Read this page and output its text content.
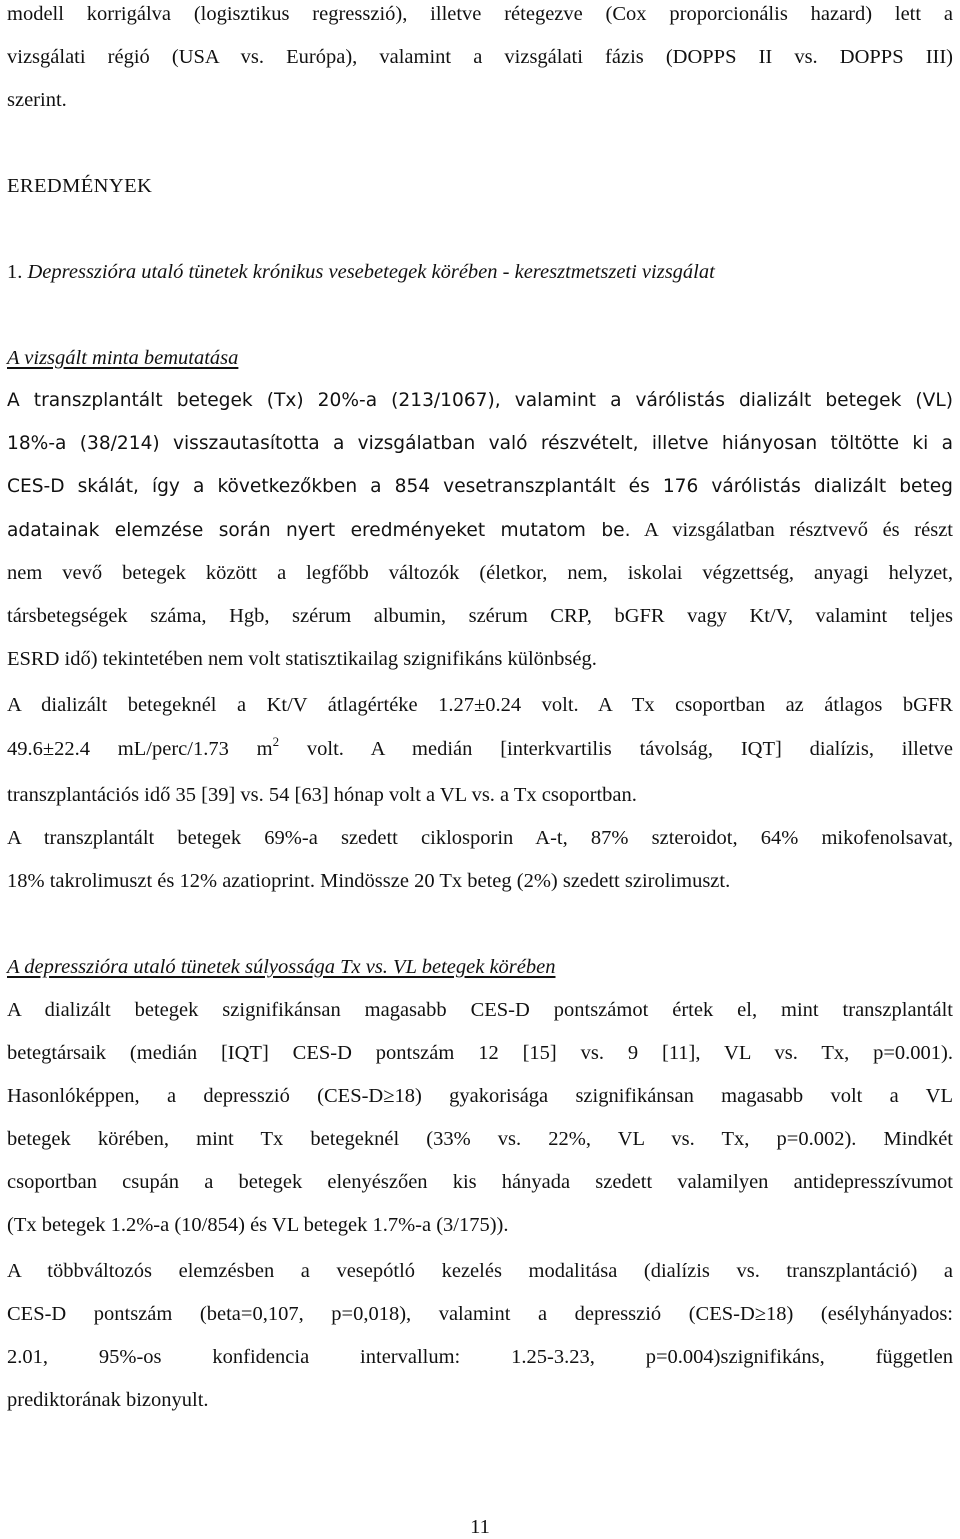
modell korrigálva (logisztikus regresszió), illetve rétegezve (Cox proporcionális hazard) lett a
vizsgálati régió (USA vs. Európa), valamint a vizsgálati fázis (DOPPS II vs. DOPPS III)
szerint.
EREDMÉNYEK
1. Depresszióra utaló tünetek krónikus vesebetegek körében - keresztmetszeti vizsgálat
A vizsgált minta bemutatása
A transzplantált betegek (Tx) 20%-a (213/1067), valamint a várólistás dializált betegek (VL)
18%-a (38/214) visszautasította a vizsgálatban való részvételt, illetve hiányosan töltötte ki a
CES-D skálát, így a következőkben a 854 vesetranszplantált és 176 várólistás dializált beteg
adatainak elemzése során nyert eredményeket mutatom be. A vizsgálatban résztvevő és részt
nem vevő betegek között a legfőbb változók (életkor, nem, iskolai végzettség, anyagi helyzet,
társbetegségek száma, Hgb, szérum albumin, szérum CRP, bGFR vagy Kt/V, valamint teljes
ESRD idő) tekintetében nem volt statisztikailag szignifikáns különbség.
A dializált betegeknél a Kt/V átlagértéke 1.27±0.24 volt. A Tx csoportban az átlagos bGFR
49.6±22.4 mL/perc/1.73 $m^2$ volt. A medián [interkvartilis távolság, IQT] dialízis, illetve
transzplantációs idő 35 [39] vs. 54 [63] hónap volt a VL vs. a Tx csoportban.
A transzplantált betegek 69%-a szedett ciklosporin A-t, 87% szteroidot, 64% mikofenolsavat,
18% takrolimuszt és 12% azatioprint. Mindössze 20 Tx beteg (2%) szedett szirolimuszt.
A depresszióra utaló tünetek súlyossága Tx vs. VL betegek körében
A dializált betegek szignifikánsan magasabb CES-D pontszámot értek el, mint transzplantált
betegtársaik (medián [IQT] CES-D pontszám 12 [15] vs. 9 [11], VL vs. Tx, p=0.001).
Hasonlóképpen, a depresszió (CES-D≥18) gyakorisága szignifikánsan magasabb volt a VL
betegek körében, mint Tx betegeknél (33% vs. 22%, VL vs. Tx, p=0.002). Mindkét
csoportban csupán a betegek elenyészően kis hányada szedett valamilyen antidepresszívumot
(Tx betegek 1.2%-a (10/854) és VL betegek 1.7%-a (3/175)).
A többváltozós elemzésben a vesepótló kezelés modalitása (dialízis vs. transzplantáció) a
CES-D pontszám (beta=0,107, p=0,018), valamint a depresszió (CES-D≥18) (esélyhányados:
2.01, 95%-os konfidencia intervallum: 1.25-3.23, p=0.004)szignifikáns, független
prediktorának bizonyult.
11
